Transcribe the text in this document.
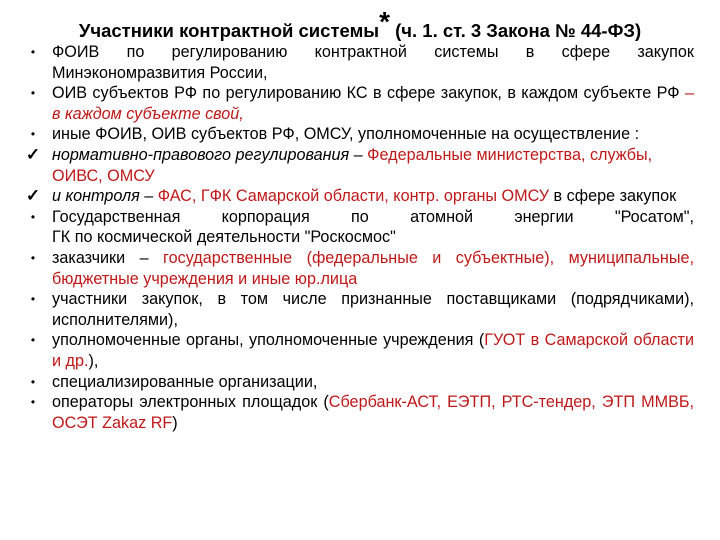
Участники контрактной системы* (ч. 1. ст. 3 Закона № 44-ФЗ)
•	ФОИВ по регулированию контрактной системы в сфере закупок
Минэкономразвития России,
•	ОИВ субъектов РФ по регулированию КС в сфере закупок, в каждом субъекте РФ – в каждом субъекте свой,
•	иные ФОИВ, ОИВ субъектов РФ, ОМСУ, уполномоченные на осуществление :
✓ нормативно-правового регулирования – Федеральные министерства, службы, ОИВС, ОМСУ
✓ и контроля – ФАС, ГФК Самарской области, контр. органы ОМСУ в сфере закупок
•	Государственная корпорация по атомной энергии "Росатом",
ГК по космической деятельности "Роскосмос"
•	заказчики – государственные (федеральные и субъектные), муниципальные, бюджетные учреждения и иные юр.лица
•	участники закупок, в том числе признанные поставщиками (подрядчиками), исполнителями),
•	уполномоченные органы, уполномоченные учреждения (ГУОТ в Самарской области и др.),
•	специализированные организации,
•	операторы электронных площадок (Сбербанк-АСТ, ЕЭТП, РТС-тендер, ЭТП ММВБ, ОСЭТ Zakaz RF)
